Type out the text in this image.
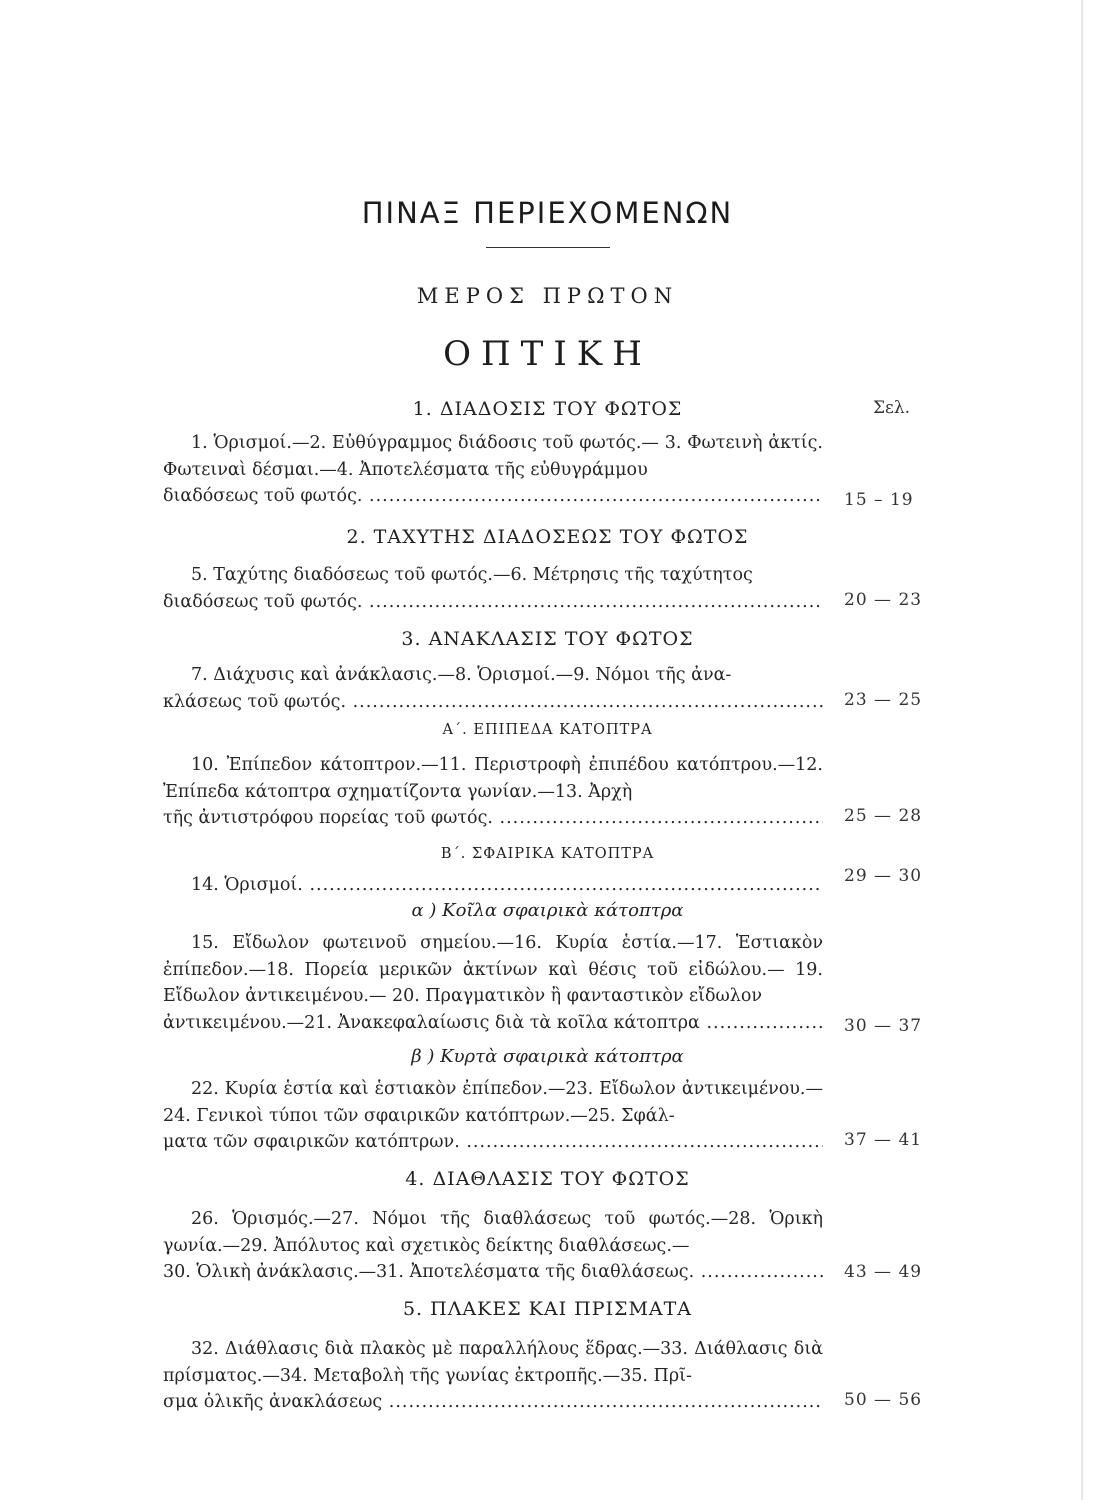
ΠΙΝΑΞ ΠΕΡΙΕΧΟΜΕΝΩΝ
ΜΕΡΟΣ ΠΡΩΤΟΝ
ΟΠΤΙΚΗ
1. ΔΙΑΔΟΣΙΣ ΤΟΥ ΦΩΤΟΣ	Σελ.
1. Ὁρισμοί.—2. Εὐθύγραμμος διάδοσις τοῦ φωτός.— 3. Φωτεινὴ ἀκτίς. Φωτειναὶ δέσμαι.—4. Ἀποτελέσματα τῆς εὐθυγράμμου
διαδόσεως τοῦ φωτός. .....	15 – 19
2. ΤΑΧΥΤΗΣ ΔΙΑΔΟΣΕΩΣ ΤΟΥ ΦΩΤΟΣ
5. Ταχύτης διαδόσεως τοῦ φωτός.—6. Μέτρησις τῆς ταχύτητος
διαδόσεως τοῦ φωτός. .....	20 — 23
3. ΑΝΑΚΛΑΣΙΣ ΤΟΥ ΦΩΤΟΣ
7. Διάχυσις καὶ ἀνάκλασις.—8. Ὁρισμοί.—9. Νόμοι τῆς ἀνα-
κλάσεως τοῦ φωτός. .....	23 — 25
Α΄. ΕΠΙΠΕΔΑ ΚΑΤΟΠΤΡΑ
10. Ἐπίπεδον κάτοπτρον.—11. Περιστροφὴ ἐπιπέδου κατόπτρου.—12. Ἐπίπεδα κάτοπτρα σχηματίζοντα γωνίαν.—13. Ἀρχὴ
τῆς ἀντιστρόφου πορείας τοῦ φωτός. .....	25 — 28
Β΄. ΣΦΑΙΡΙΚΑ ΚΑΤΟΠΤΡΑ
14. Ὁρισμοί. .....	29 — 30
α ) Κοῖλα σφαιρικὰ κάτοπτρα
15. Εἴδωλον φωτεινοῦ σημείου.—16. Κυρία ἑστία.—17. Ἑστιακὸν ἐπίπεδον.—18. Πορεία μερικῶν ἀκτίνων καὶ θέσις τοῦ εἰδώλου.— 19. Εἴδωλον ἀντικειμένου.— 20. Πραγματικὸν ἢ φανταστικὸν εἴδωλον
ἀντικειμένου.—21. Ἀνακεφαλαίωσις διὰ τὰ κοῖλα κάτοπτρα .....	30 — 37
β ) Κυρτὰ σφαιρικὰ κάτοπτρα
22. Κυρία ἑστία καὶ ἑστιακὸν ἐπίπεδον.—23. Εἴδωλον ἀντικειμένου.—24. Γενικοὶ τύποι τῶν σφαιρικῶν κατόπτρων.—25. Σφάλ-
ματα τῶν σφαιρικῶν κατόπτρων. .....	37 — 41
4. ΔΙΑΘΛΑΣΙΣ ΤΟΥ ΦΩΤΟΣ
26. Ὁρισμός.—27. Νόμοι τῆς διαθλάσεως τοῦ φωτός.—28. Ὁρικὴ γωνία.—29. Ἀπόλυτος καὶ σχετικὸς δείκτης διαθλάσεως.—
30. Ὁλικὴ ἀνάκλασις.—31. Ἀποτελέσματα τῆς διαθλάσεως. .....	43 — 49
5. ΠΛΑΚΕΣ ΚΑΙ ΠΡΙΣΜΑΤΑ
32. Διάθλασις διὰ πλακὸς μὲ παραλλήλους ἕδρας.—33. Διάθλασις διὰ πρίσματος.—34. Μεταβολὴ τῆς γωνίας ἐκτροπῆς.—35. Πρῖ-
σμα ὁλικῆς ἀνακλάσεως .....	50 — 56
